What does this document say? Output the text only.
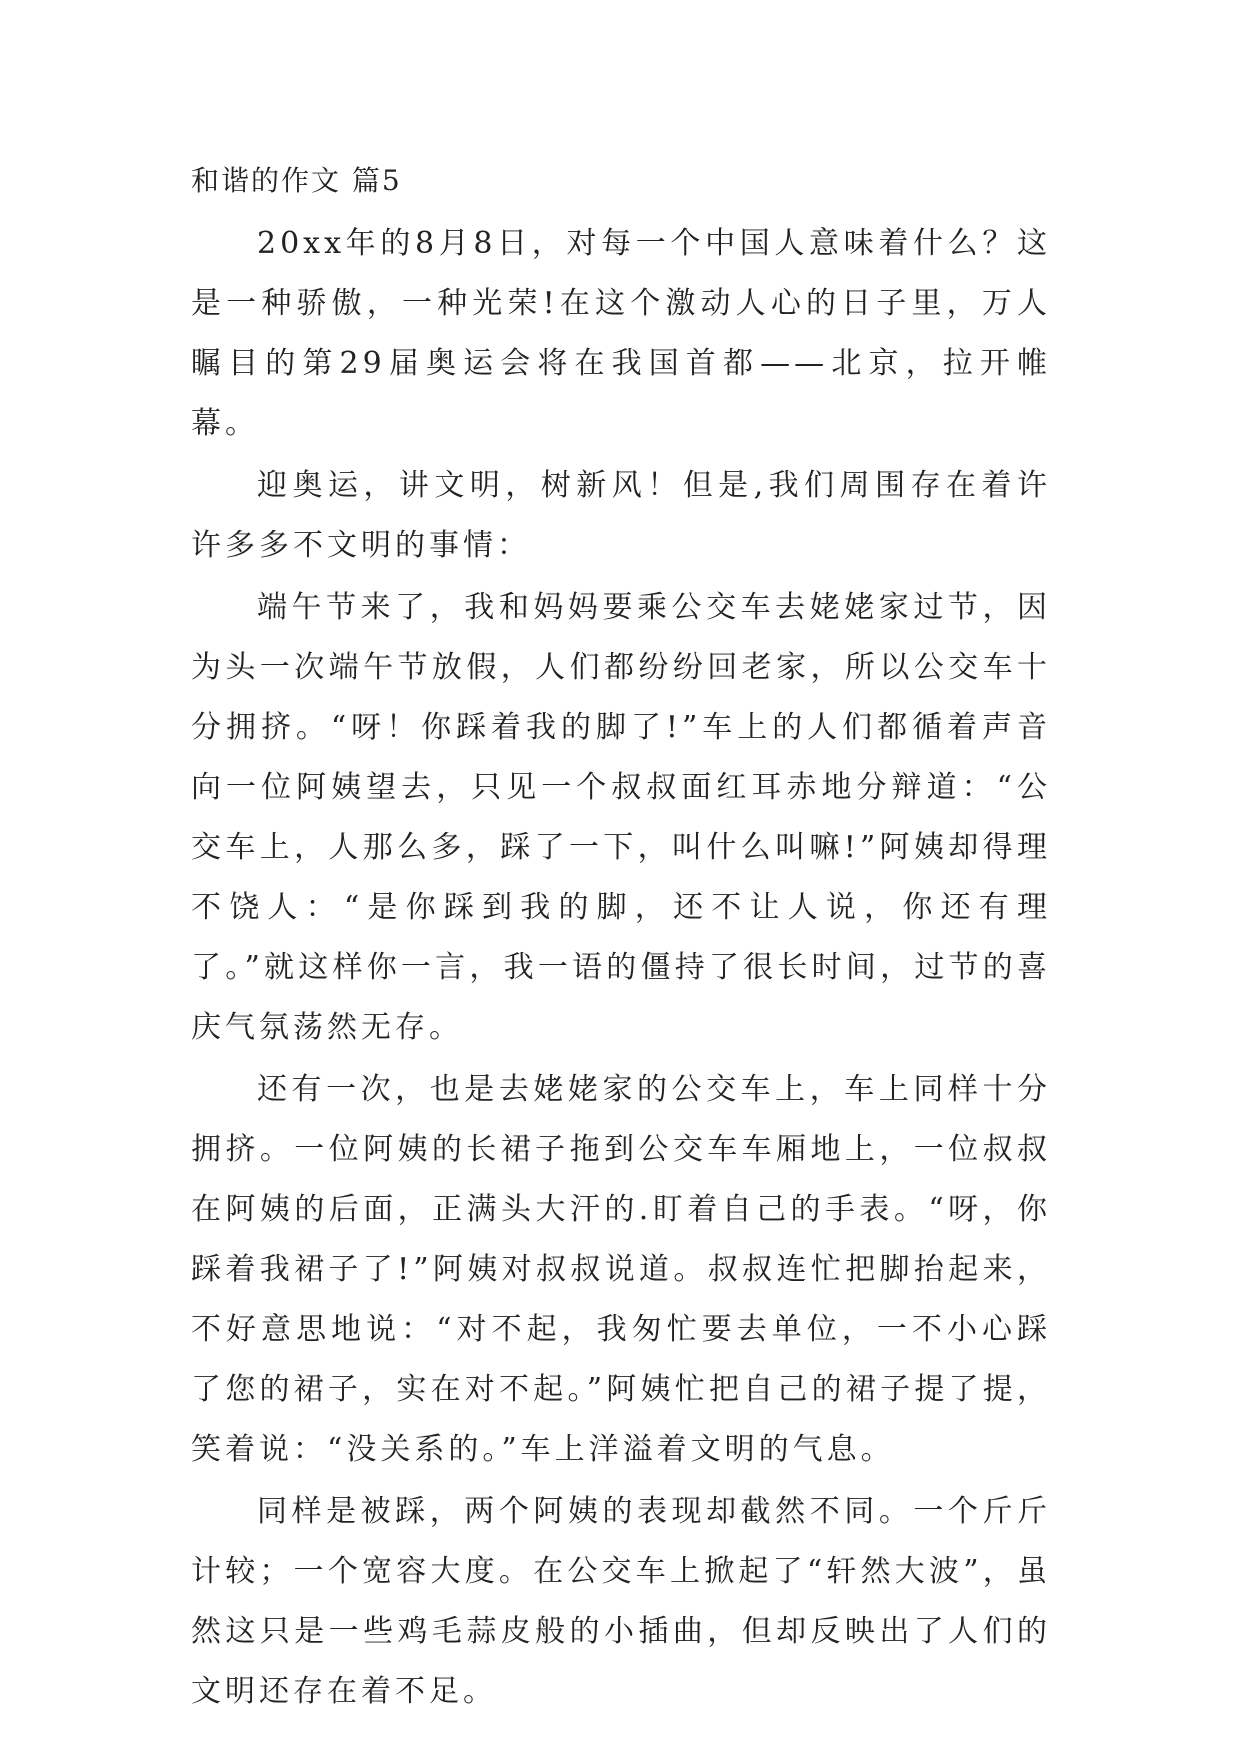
和谐的作文 篇5

20xx年的8月8日，对每一个中国人意味着什么？这是一种骄傲，一种光荣!在这个激动人心的日子里，万人瞩目的第29届奥运会将在我国首都——北京，拉开帷幕。

迎奥运，讲文明，树新风！但是,我们周围存在着许许多多不文明的事情：

端午节来了，我和妈妈要乘公交车去姥姥家过节，因为头一次端午节放假，人们都纷纷回老家，所以公交车十分拥挤。“呀！你踩着我的脚了!”车上的人们都循着声音向一位阿姨望去，只见一个叔叔面红耳赤地分辩道：“公交车上，人那么多，踩了一下，叫什么叫嘛!”阿姨却得理不饶人：“是你踩到我的脚，还不让人说，你还有理了。”就这样你一言，我一语的僵持了很长时间，过节的喜庆气氛荡然无存。

还有一次，也是去姥姥家的公交车上，车上同样十分拥挤。一位阿姨的长裙子拖到公交车车厢地上，一位叔叔在阿姨的后面，正满头大汗的.盯着自己的手表。“呀，你踩着我裙子了!”阿姨对叔叔说道。叔叔连忙把脚抬起来，不好意思地说：“对不起，我匆忙要去单位，一不小心踩了您的裙子，实在对不起。”阿姨忙把自己的裙子提了提，笑着说：“没关系的。”车上洋溢着文明的气息。

同样是被踩，两个阿姨的表现却截然不同。一个斤斤计较；一个宽容大度。在公交车上掀起了“轩然大波”，虽然这只是一些鸡毛蒜皮般的小插曲，但却反映出了人们的文明还存在着不足。
